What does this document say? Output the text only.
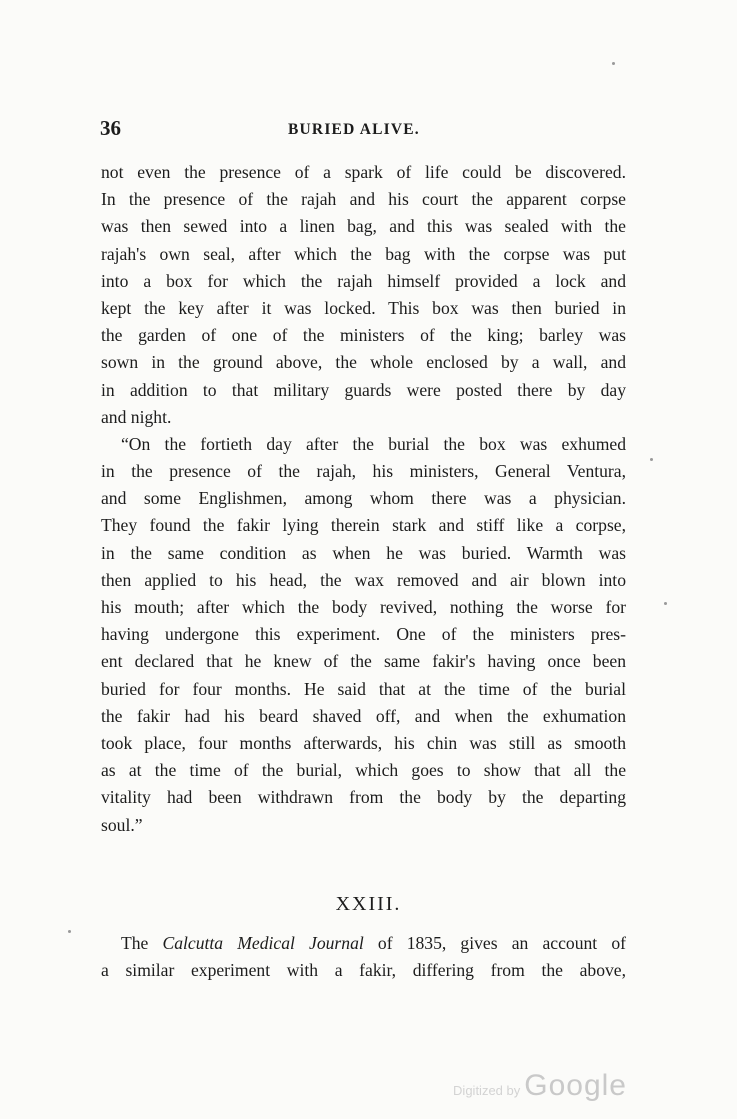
36	BURIED ALIVE.
not even the presence of a spark of life could be discovered.
In the presence of the rajah and his court the apparent corpse
was then sewed into a linen bag, and this was sealed with the
rajah's own seal, after which the bag with the corpse was put
into a box for which the rajah himself provided a lock and
kept the key after it was locked. This box was then buried in
the garden of one of the ministers of the king; barley was
sown in the ground above, the whole enclosed by a wall, and
in addition to that military guards were posted there by day
and night.
“On the fortieth day after the burial the box was exhumed
in the presence of the rajah, his ministers, General Ventura,
and some Englishmen, among whom there was a physician.
They found the fakir lying therein stark and stiff like a corpse,
in the same condition as when he was buried. Warmth was
then applied to his head, the wax removed and air blown into
his mouth; after which the body revived, nothing the worse for
having undergone this experiment. One of the ministers pres-
ent declared that he knew of the same fakir's having once been
buried for four months. He said that at the time of the burial
the fakir had his beard shaved off, and when the exhumation
took place, four months afterwards, his chin was still as smooth
as at the time of the burial, which goes to show that all the
vitality had been withdrawn from the body by the departing
soul.”
XXIII.
The Calcutta Medical Journal of 1835, gives an account of
a similar experiment with a fakir, differing from the above,
Digitized by Google
